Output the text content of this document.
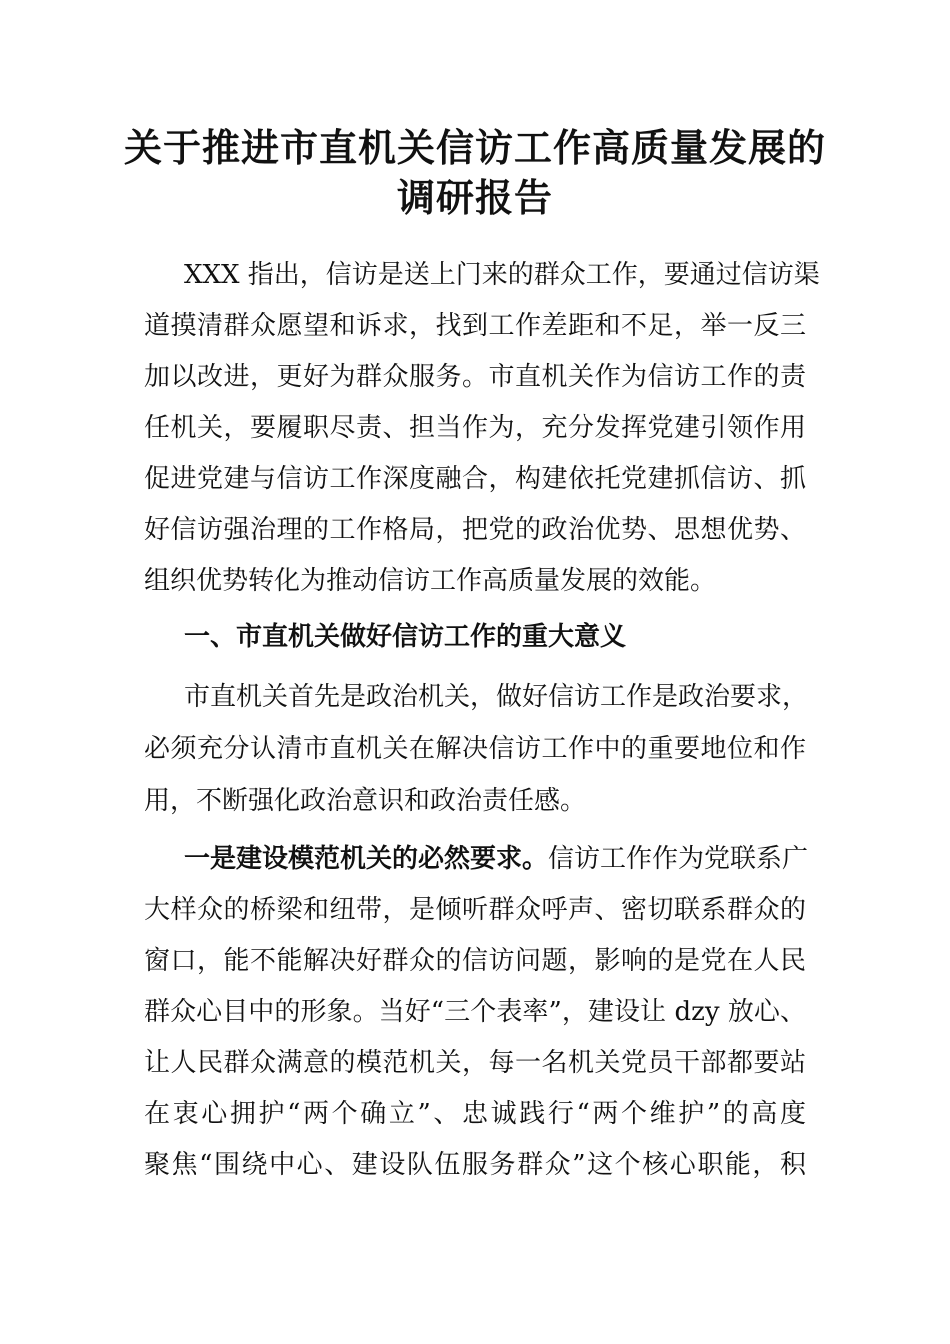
关于推进市直机关信访工作高质量发展的
调研报告
XXX 指出，信访是送上门来的群众工作，要通过信访渠
道摸清群众愿望和诉求，找到工作差距和不足，举一反三
加以改进，更好为群众服务。市直机关作为信访工作的责
任机关，要履职尽责、担当作为，充分发挥党建引领作用
促进党建与信访工作深度融合，构建依托党建抓信访、抓
好信访强治理的工作格局，把党的政治优势、思想优势、
组织优势转化为推动信访工作高质量发展的效能。
一、市直机关做好信访工作的重大意义
市直机关首先是政治机关，做好信访工作是政治要求，
必须充分认清市直机关在解决信访工作中的重要地位和作
用，不断强化政治意识和政治责任感。
一是建设模范机关的必然要求。信访工作作为党联系广
大样众的桥梁和纽带，是倾听群众呼声、密切联系群众的
窗口，能不能解决好群众的信访问题，影响的是党在人民
群众心目中的形象。当好“三个表率”，建设让 dzy 放心、
让人民群众满意的模范机关，每一名机关党员干部都要站
在衷心拥护“两个确立”、忠诚践行“两个维护”的高度
聚焦“围绕中心、建设队伍服务群众”这个核心职能，积
